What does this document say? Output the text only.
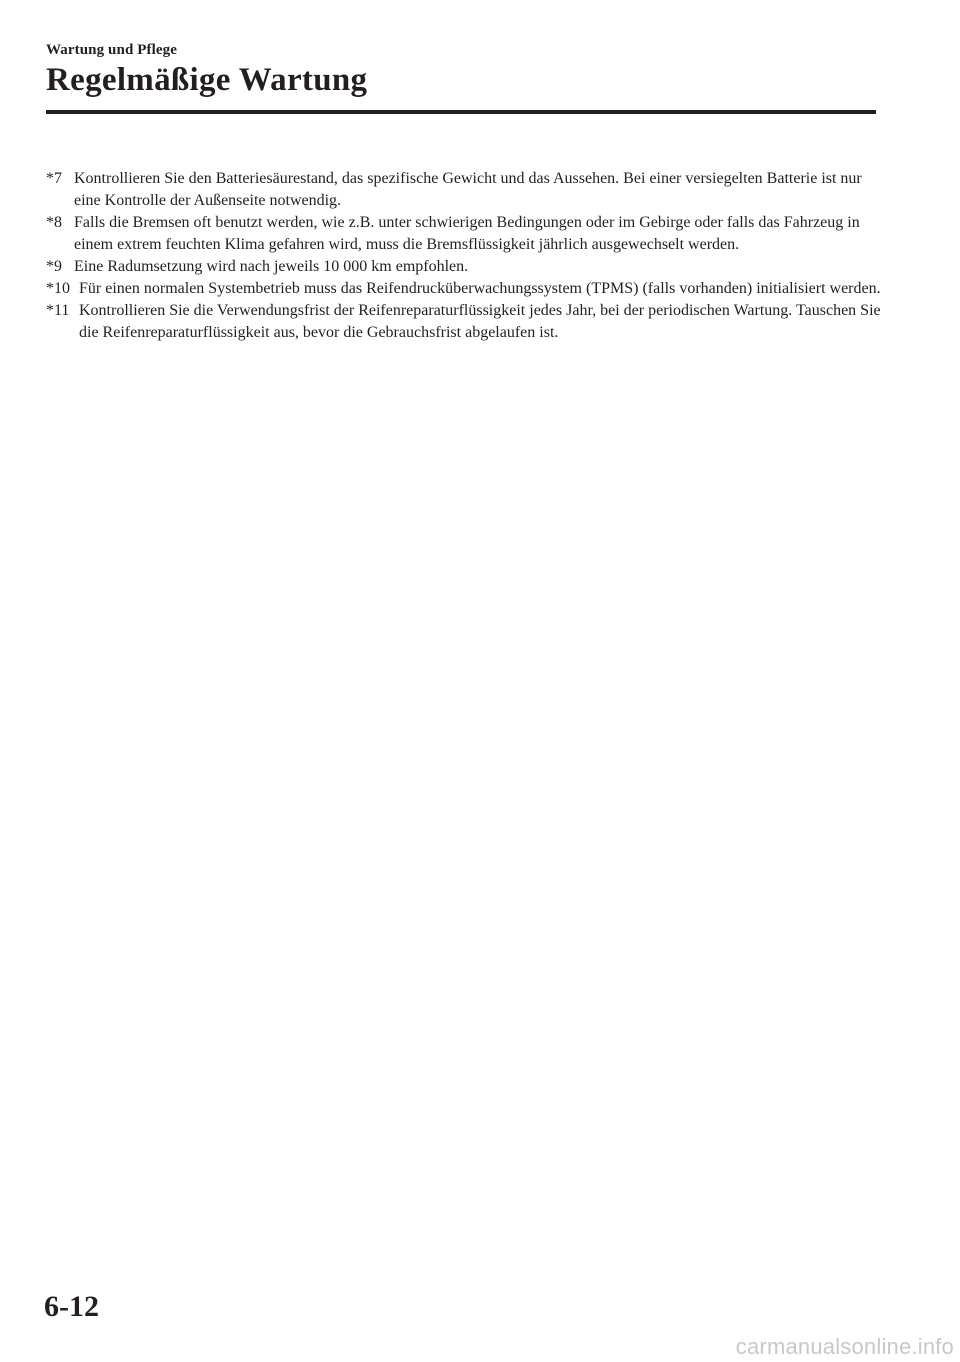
Wartung und Pflege
Regelmäßige Wartung
*7 Kontrollieren Sie den Batteriesäurestand, das spezifische Gewicht und das Aussehen. Bei einer versiegelten Batterie ist nur eine Kontrolle der Außenseite notwendig.
*8 Falls die Bremsen oft benutzt werden, wie z.B. unter schwierigen Bedingungen oder im Gebirge oder falls das Fahrzeug in einem extrem feuchten Klima gefahren wird, muss die Bremsflüssigkeit jährlich ausgewechselt werden.
*9 Eine Radumsetzung wird nach jeweils 10 000 km empfohlen.
*10 Für einen normalen Systembetrieb muss das Reifendrucküberwachungssystem (TPMS) (falls vorhanden) initialisiert werden.
*11 Kontrollieren Sie die Verwendungsfrist der Reifenreparaturflüssigkeit jedes Jahr, bei der periodischen Wartung. Tauschen Sie die Reifenreparaturflüssigkeit aus, bevor die Gebrauchsfrist abgelaufen ist.
6-12
carmanualsonline.info
